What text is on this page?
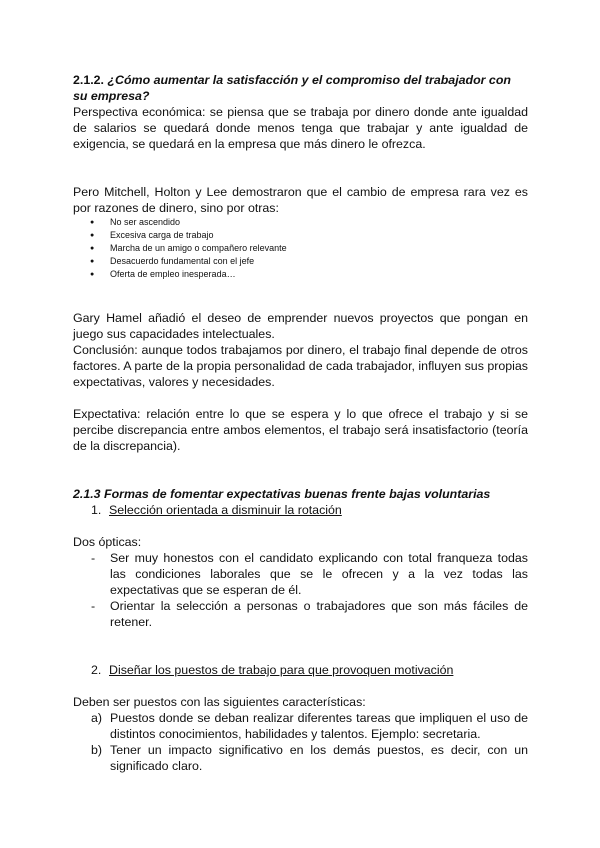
2.1.2. ¿Cómo aumentar la satisfacción y el compromiso del trabajador con su empresa?

Perspectiva económica: se piensa que se trabaja por dinero donde ante igualdad de salarios se quedará donde menos tenga que trabajar y ante igualdad de exigencia, se quedará en la empresa que más dinero le ofrezca.

Pero Mitchell, Holton y Lee demostraron que el cambio de empresa rara vez es por razones de dinero, sino por otras:

● No ser ascendido
● Excesiva carga de trabajo
● Marcha de un amigo o compañero relevante
● Desacuerdo fundamental con el jefe
● Oferta de empleo inesperada…

Gary Hamel añadió el deseo de emprender nuevos proyectos que pongan en juego sus capacidades intelectuales.

Conclusión: aunque todos trabajamos por dinero, el trabajo final depende de otros factores. A parte de la propia personalidad de cada trabajador, influyen sus propias expectativas, valores y necesidades.

Expectativa: relación entre lo que se espera y lo que ofrece el trabajo y si se percibe discrepancia entre ambos elementos, el trabajo será insatisfactorio (teoría de la discrepancia).

2.1.3 Formas de fomentar expectativas buenas frente bajas voluntarias
1. Selección orientada a disminuir la rotación

Dos ópticas:

- Ser muy honestos con el candidato explicando con total franqueza todas las condiciones laborales que se le ofrecen y a la vez todas las expectativas que se esperan de él.
- Orientar la selección a personas o trabajadores que son más fáciles de retener.
2. Diseñar los puestos de trabajo para que provoquen motivación

Deben ser puestos con las siguientes características:

a) Puestos donde se deban realizar diferentes tareas que impliquen el uso de distintos conocimientos, habilidades y talentos. Ejemplo: secretaria.
b) Tener un impacto significativo en los demás puestos, es decir, con un significado claro.
